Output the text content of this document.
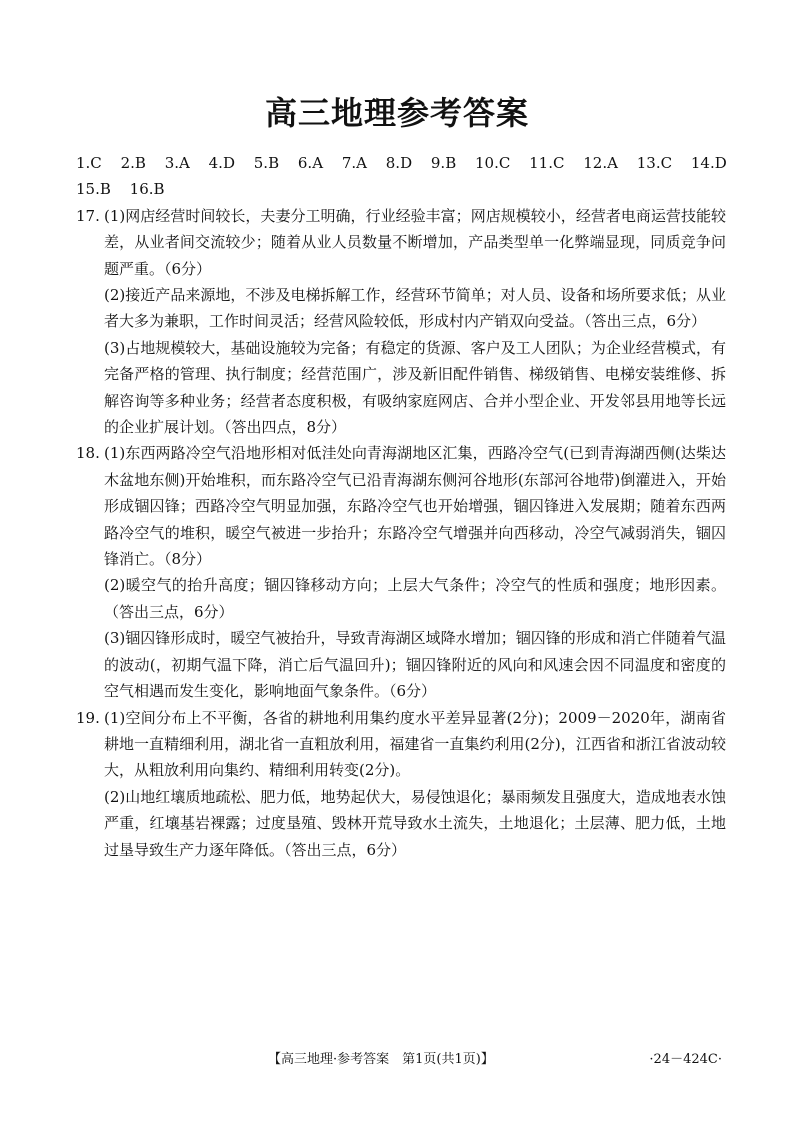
高三地理参考答案
1.C 2.B 3.A 4.D 5.B 6.A 7.A 8.D 9.B 10.C 11.C 12.A 13.C 14.D
15.B 16.B
17. (1)网店经营时间较长，夫妻分工明确，行业经验丰富；网店规模较小，经营者电商运营技能较差，从业者间交流较少；随着从业人员数量不断增加，产品类型单一化弊端显现，同质竞争问题严重。（6分）

(2)接近产品来源地，不涉及电梯拆解工作，经营环节简单；对人员、设备和场所要求低；从业者大多为兼职，工作时间灵活；经营风险较低，形成村内产销双向受益。（答出三点，6分）

(3)占地规模较大，基础设施较为完备；有稳定的货源、客户及工人团队；为企业经营模式，有完备严格的管理、执行制度；经营范围广，涉及新旧配件销售、梯级销售、电梯安装维修、拆解咨询等多种业务；经营者态度积极，有吸纳家庭网店、合并小型企业、开发邻县用地等长远的企业扩展计划。（答出四点，8分）

18. (1)东西两路冷空气沿地形相对低洼处向青海湖地区汇集，西路冷空气(已到青海湖西侧(达柴达木盆地东侧)开始堆积，而东路冷空气已沿青海湖东侧河谷地形(东部河谷地带)倒灌进入，开始形成锢囚锋；西路冷空气明显加强，东路冷空气也开始增强，锢囚锋进入发展期；随着东西两路冷空气的堆积，暖空气被进一步抬升；东路冷空气增强并向西移动，冷空气减弱消失，锢囚锋消亡。（8分）

(2)暖空气的抬升高度；锢囚锋移动方向；上层大气条件；冷空气的性质和强度；地形因素。（答出三点，6分）

(3)锢囚锋形成时，暖空气被抬升，导致青海湖区域降水增加；锢囚锋的形成和消亡伴随着气温的波动(，初期气温下降，消亡后气温回升)；锢囚锋附近的风向和风速会因不同温度和密度的空气相遇而发生变化，影响地面气象条件。（6分）

19. (1)空间分布上不平衡，各省的耕地利用集约度水平差异显著(2分)；2009－2020年，湖南省耕地一直精细利用，湖北省一直粗放利用，福建省一直集约利用(2分)，江西省和浙江省波动较大，从粗放利用向集约、精细利用转变(2分)。

(2)山地红壤质地疏松、肥力低，地势起伏大，易侵蚀退化；暴雨频发且强度大，造成地表水蚀严重，红壤基岩裸露；过度垦殖、毁林开荒导致水土流失，土地退化；土层薄、肥力低，土地过垦导致生产力逐年降低。（答出三点，6分）

【高三地理·参考答案　第1页(共1页)】	·24－424C·
